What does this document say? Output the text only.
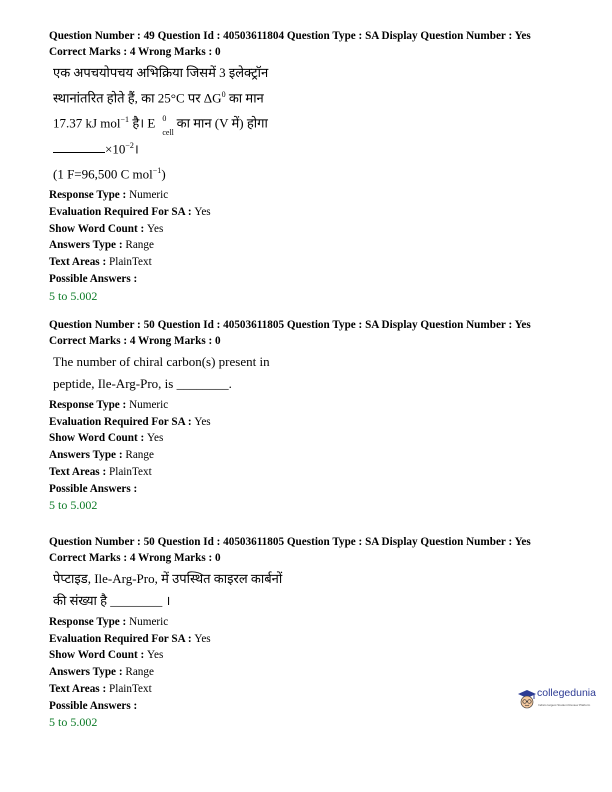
Question Number : 49 Question Id : 40503611804 Question Type : SA Display Question Number : Yes
Correct Marks : 4 Wrong Marks : 0
एक अपचयोपचय अभिक्रिया जिसमें 3 इलेक्ट्रॉन
स्थानांतरित होते हैं, का 25°C पर $\Delta G^0$ का मान
17.37 kJ mol$^{-1}$ है। E 0
cell
का मान (V में) होगा
$\times 10^{-2}।$
(1 F=96,500 C mol$^{-1}$)
Response Type : Numeric
Evaluation Required For SA : Yes
Show Word Count : Yes
Answers Type : Range
Text Areas : PlainText
Possible Answers :
5 to 5.002
Question Number : 50 Question Id : 40503611805 Question Type : SA Display Question Number : Yes
Correct Marks : 4 Wrong Marks : 0
The number of chiral carbon(s) present in
peptide, Ile-Arg-Pro, is ________.
Response Type : Numeric
Evaluation Required For SA : Yes
Show Word Count : Yes
Answers Type : Range
Text Areas : PlainText
Possible Answers :
5 to 5.002
Question Number : 50 Question Id : 40503611805 Question Type : SA Display Question Number : Yes
Correct Marks : 4 Wrong Marks : 0
पेप्टाइड, Ile-Arg-Pro, में उपस्थित काइरल कार्बनों
की संख्या है ________ ।
Response Type : Numeric
Evaluation Required For SA : Yes
Show Word Count : Yes
Answers Type : Range
Text Areas : PlainText
Possible Answers :
5 to 5.002
collegedunia
India's largest Student Review Platform
